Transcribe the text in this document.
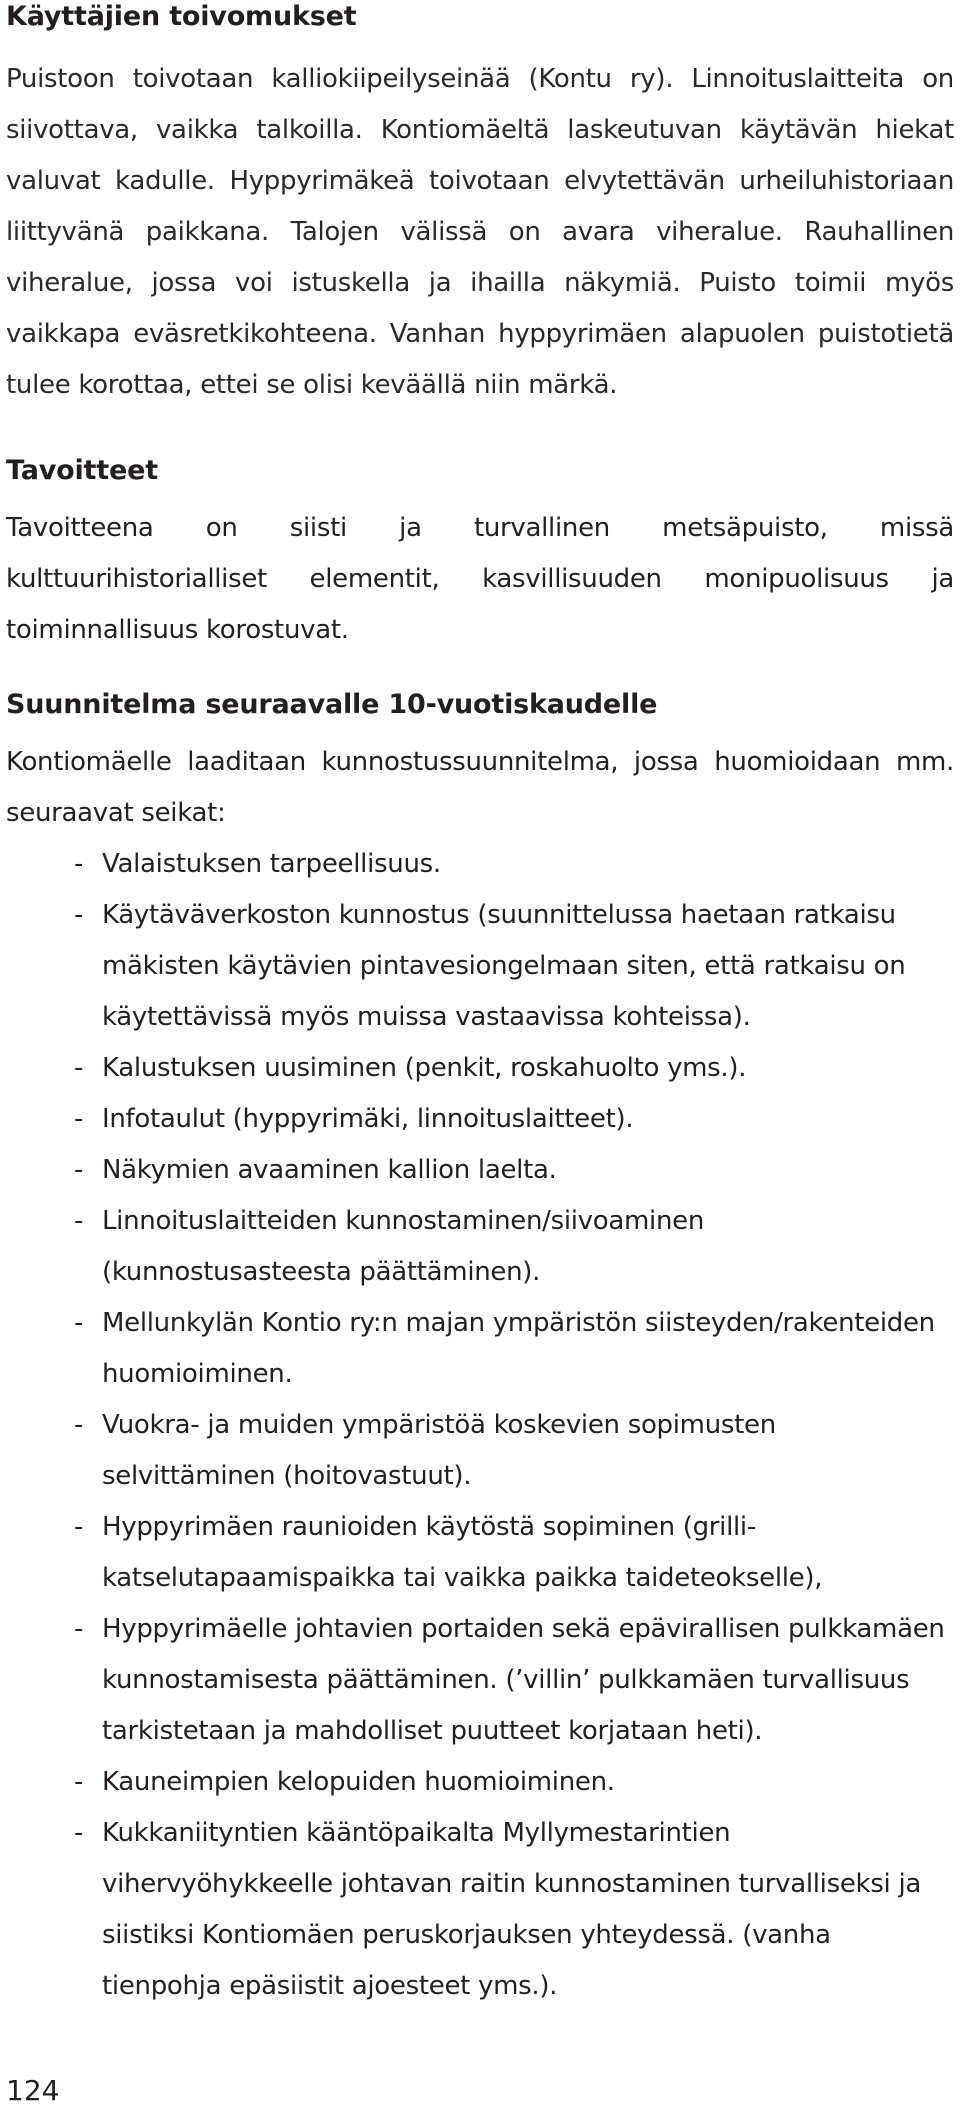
Käyttäjien toivomukset

Puistoon toivotaan kalliokiipeilyseinää (Kontu ry). Linnoituslaitteita on siivottava, vaikka talkoilla. Kontiomäeltä laskeutuvan käytävän hiekat valuvat kadulle. Hyppyrimäkeä toivotaan elvytettävän urheiluhistoriaan liittyvänä paikkana. Talojen välissä on avara viheralue. Rauhallinen viheralue, jossa voi istuskella ja ihailla näkymiä. Puisto toimii myös vaikkapa eväsretkikohteena. Vanhan hyppyrimäen alapuolen puistotietä tulee korottaa, ettei se olisi keväällä niin märkä.

Tavoitteet

Tavoitteena on siisti ja turvallinen metsäpuisto, missä kulttuurihistorialliset elementit, kasvillisuuden monipuolisuus ja toiminnallisuus korostuvat.

Suunnitelma seuraavalle 10-vuotiskaudelle

Kontiomäelle laaditaan kunnostussuunnitelma, jossa huomioidaan mm. seuraavat seikat:

- Valaistuksen tarpeellisuus.
- Käytäväverkoston kunnostus (suunnittelussa haetaan ratkaisu mäkisten käytävien pintavesiongelmaan siten, että ratkaisu on käytettävissä myös muissa vastaavissa kohteissa).
- Kalustuksen uusiminen (penkit, roskahuolto yms.).
- Infotaulut (hyppyrimäki, linnoituslaitteet).
- Näkymien avaaminen kallion laelta.
- Linnoituslaitteiden kunnostaminen/siivoaminen (kunnostusasteesta päättäminen).
- Mellunkylän Kontio ry:n majan ympäristön siisteyden/rakenteiden huomioiminen.
- Vuokra- ja muiden ympäristöä koskevien sopimusten selvittäminen (hoitovastuut).
- Hyppyrimäen raunioiden käytöstä sopiminen (grilli- katselutapaamispaikka tai vaikka paikka taideteokselle),
- Hyppyrimäelle johtavien portaiden sekä epävirallisen pulkkamäen kunnostamisesta päättäminen. (’villin’ pulkkamäen turvallisuus tarkistetaan ja mahdolliset puutteet korjataan heti).
- Kauneimpien kelopuiden huomioiminen.
- Kukkaniityntien kääntöpaikalta Myllymestarintien vihervyöhykkeelle johtavan raitin kunnostaminen turvalliseksi ja siistiksi Kontiomäen peruskorjauksen yhteydessä. (vanha tienpohja epäsiistit ajoesteet yms.).
124
